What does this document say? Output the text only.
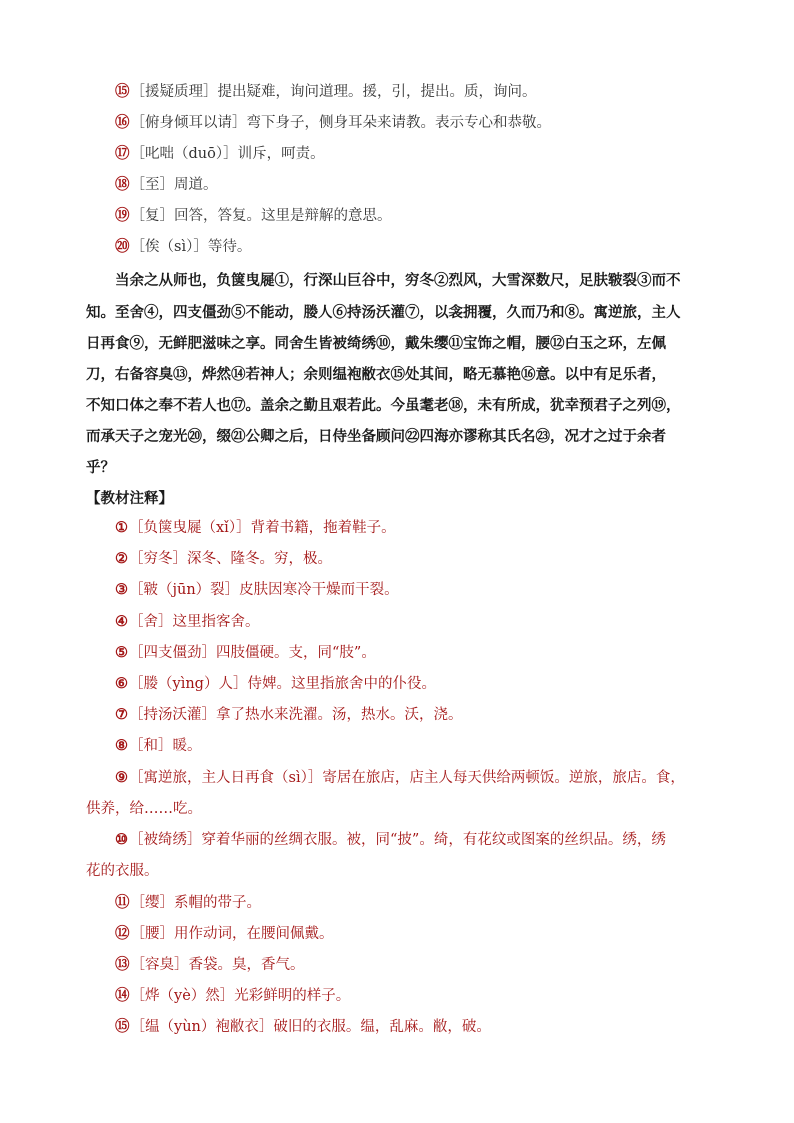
⑮［援疑质理］提出疑难，询问道理。援，引，提出。质，询问。
⑯［俯身倾耳以请］弯下身子，侧身耳朵来请教。表示专心和恭敬。
⑰［叱咄（duō）］训斥，呵责。
⑱［至］周道。
⑲［复］回答，答复。这里是辩解的意思。
⑳［俟（sì）］等待。
当余之从师也，负箧曳屣①，行深山巨谷中，穷冬②烈风，大雪深数尺，足肤皲裂③而不
知。至舍④，四支僵劲⑤不能动，媵人⑥持汤沃灌⑦，以衾拥覆，久而乃和⑧。寓逆旅，主人
日再食⑨，无鲜肥滋味之享。同舍生皆被绮绣⑩，戴朱缨⑪宝饰之帽，腰⑫白玉之环，左佩
刀，右备容臭⑬，烨然⑭若神人；余则缊袍敝衣⑮处其间，略无慕艳⑯意。以中有足乐者，
不知口体之奉不若人也⑰。盖余之勤且艰若此。今虽耄老⑱，未有所成，犹幸预君子之列⑲，
而承天子之宠光⑳，缀㉑公卿之后，日侍坐备顾问㉒四海亦谬称其氏名㉓，况才之过于余者
乎？
【教材注释】
①［负箧曳屣（xǐ）］背着书籍，拖着鞋子。
②［穷冬］深冬、隆冬。穷，极。
③［皲（jūn）裂］皮肤因寒冷干燥而干裂。
④［舍］这里指客舍。
⑤［四支僵劲］四肢僵硬。支，同“肢”。
⑥［媵（yìng）人］侍婢。这里指旅舍中的仆役。
⑦［持汤沃灌］拿了热水来洗濯。汤，热水。沃，浇。
⑧［和］暖。
⑨［寓逆旅，主人日再食（sì）］寄居在旅店，店主人每天供给两顿饭。逆旅，旅店。食，
供养，给……吃。
⑩［被绮绣］穿着华丽的丝绸衣服。被，同“披”。绮，有花纹或图案的丝织品。绣，绣
花的衣服。
⑪［缨］系帽的带子。
⑫［腰］用作动词，在腰间佩戴。
⑬［容臭］香袋。臭，香气。
⑭［烨（yè）然］光彩鲜明的样子。
⑮［缊（yùn）袍敝衣］破旧的衣服。缊，乱麻。敝，破。
